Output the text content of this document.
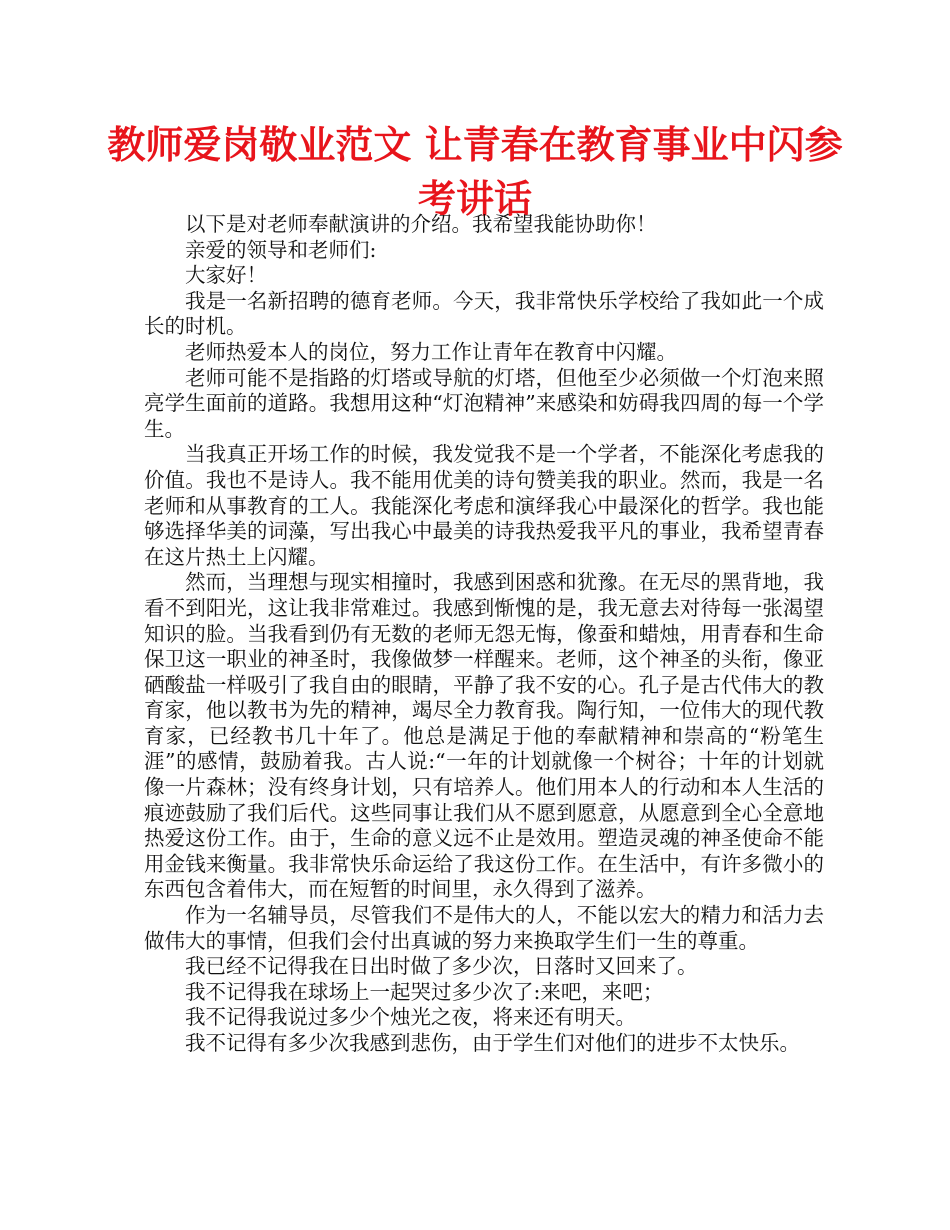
教师爱岗敬业范文 让青春在教育事业中闪参考讲话

以下是对老师奉献演讲的介绍。我希望我能协助你！

亲爱的领导和老师们:

大家好！

我是一名新招聘的德育老师。今天，我非常快乐学校给了我如此一个成长的时机。

老师热爱本人的岗位，努力工作让青年在教育中闪耀。

老师可能不是指路的灯塔或导航的灯塔，但他至少必须做一个灯泡来照亮学生面前的道路。我想用这种“灯泡精神”来感染和妨碍我四周的每一个学生。

当我真正开场工作的时候，我发觉我不是一个学者，不能深化考虑我的价值。我也不是诗人。我不能用优美的诗句赞美我的职业。然而，我是一名老师和从事教育的工人。我能深化考虑和演绎我心中最深化的哲学。我也能够选择华美的词藻，写出我心中最美的诗我热爱我平凡的事业，我希望青春在这片热土上闪耀。

然而，当理想与现实相撞时，我感到困惑和犹豫。在无尽的黑背地，我看不到阳光，这让我非常难过。我感到惭愧的是，我无意去对待每一张渴望知识的脸。当我看到仍有无数的老师无怨无悔，像蚕和蜡烛，用青春和生命保卫这一职业的神圣时，我像做梦一样醒来。老师，这个神圣的头衔，像亚硒酸盐一样吸引了我自由的眼睛，平静了我不安的心。孔子是古代伟大的教育家，他以教书为先的精神，竭尽全力教育我。陶行知，一位伟大的现代教育家，已经教书几十年了。他总是满足于他的奉献精神和崇高的“粉笔生涯”的感情，鼓励着我。古人说:“一年的计划就像一个树谷；十年的计划就像一片森林；没有终身计划，只有培养人。他们用本人的行动和本人生活的痕迹鼓励了我们后代。这些同事让我们从不愿到愿意，从愿意到全心全意地热爱这份工作。由于，生命的意义远不止是效用。塑造灵魂的神圣使命不能用金钱来衡量。我非常快乐命运给了我这份工作。在生活中，有许多微小的东西包含着伟大，而在短暂的时间里，永久得到了滋养。

作为一名辅导员，尽管我们不是伟大的人，不能以宏大的精力和活力去做伟大的事情，但我们会付出真诚的努力来换取学生们一生的尊重。

我已经不记得我在日出时做了多少次，日落时又回来了。

我不记得我在球场上一起哭过多少次了:来吧，来吧；

我不记得我说过多少个烛光之夜，将来还有明天。

我不记得有多少次我感到悲伤，由于学生们对他们的进步不太快乐。
